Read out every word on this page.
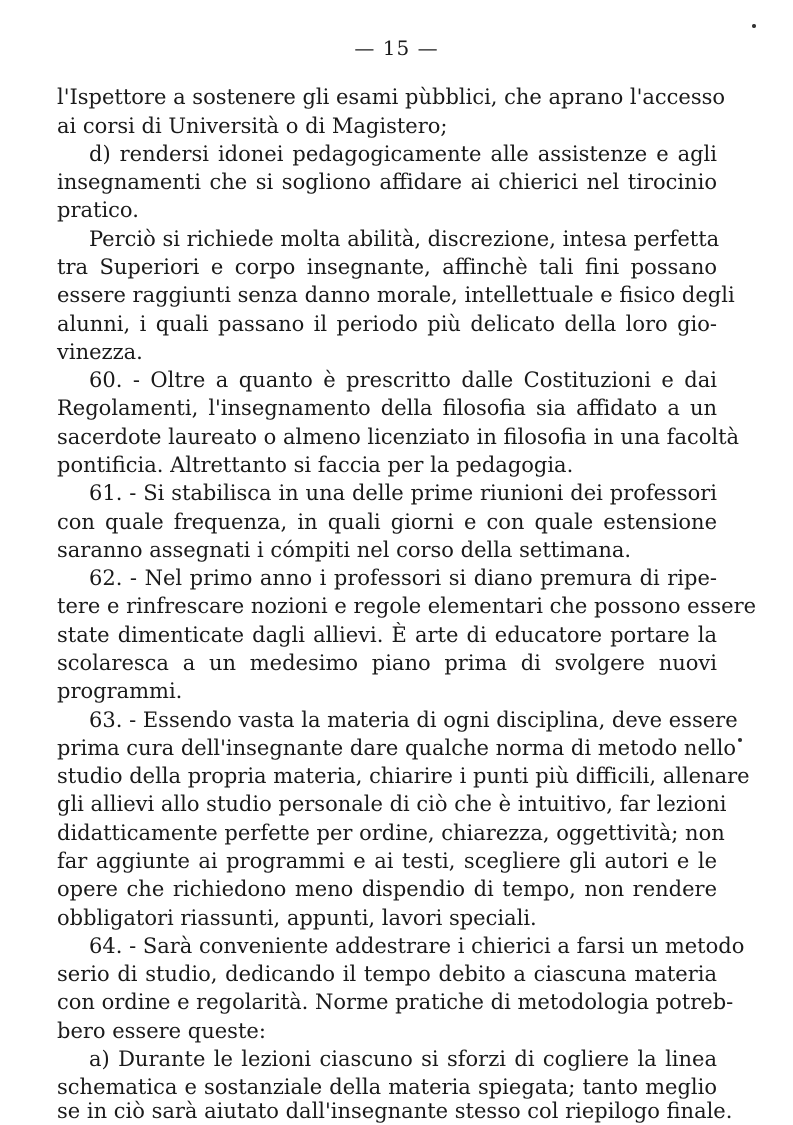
— 15 —
l'Ispettore a sostenere gli esami pùbblici, che aprano l'accesso
ai corsi di Università o di Magistero;
d) rendersi idonei pedagogicamente alle assistenze e agli
insegnamenti che si sogliono affidare ai chierici nel tirocinio
pratico.
Perciò si richiede molta abilità, discrezione, intesa perfetta
tra Superiori e corpo insegnante, affinchè tali fini possano
essere raggiunti senza danno morale, intellettuale e fisico degli
alunni, i quali passano il periodo più delicato della loro gio-
vinezza.
60. - Oltre a quanto è prescritto dalle Costituzioni e dai
Regolamenti, l'insegnamento della filosofia sia affidato a un
sacerdote laureato o almeno licenziato in filosofia in una facoltà
pontificia. Altrettanto si faccia per la pedagogia.
61. - Si stabilisca in una delle prime riunioni dei professori
con quale frequenza, in quali giorni e con quale estensione
saranno assegnati i cómpiti nel corso della settimana.
62. - Nel primo anno i professori si diano premura di ripe-
tere e rinfrescare nozioni e regole elementari che possono essere
state dimenticate dagli allievi. È arte di educatore portare la
scolaresca a un medesimo piano prima di svolgere nuovi
programmi.
63. - Essendo vasta la materia di ogni disciplina, deve essere
prima cura dell'insegnante dare qualche norma di metodo nello
studio della propria materia, chiarire i punti più difficili, allenare
gli allievi allo studio personale di ciò che è intuitivo, far lezioni
didatticamente perfette per ordine, chiarezza, oggettività; non
far aggiunte ai programmi e ai testi, scegliere gli autori e le
opere che richiedono meno dispendio di tempo, non rendere
obbligatori riassunti, appunti, lavori speciali.
64. - Sarà conveniente addestrare i chierici a farsi un metodo
serio di studio, dedicando il tempo debito a ciascuna materia
con ordine e regolarità. Norme pratiche di metodologia potreb-
bero essere queste:
a) Durante le lezioni ciascuno si sforzi di cogliere la linea
schematica e sostanziale della materia spiegata; tanto meglio
se in ciò sarà aiutato dall'insegnante stesso col riepilogo finale.
